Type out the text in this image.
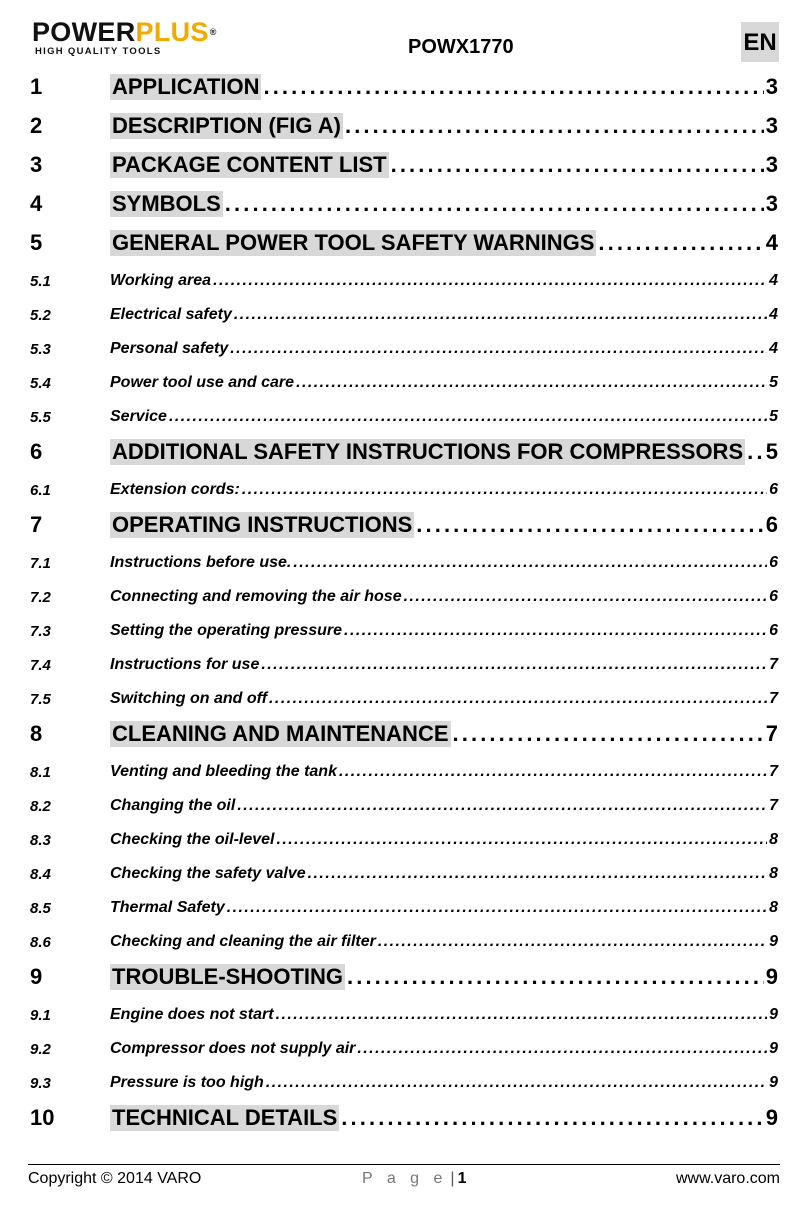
POWERPLUS®
HIGH QUALITY TOOLS	POWX1770	EN
1	APPLICATION . . .	3
2	DESCRIPTION (FIG A) . . .	3
3	PACKAGE CONTENT LIST . . .	3
4	SYMBOLS . . .	3
5	GENERAL POWER TOOL SAFETY WARNINGS . . .	4
5.1	Working area . . .	4
5.2	Electrical safety . . .	4
5.3	Personal safety . . .	4
5.4	Power tool use and care . . .	5
5.5	Service . . .	5
6	ADDITIONAL SAFETY INSTRUCTIONS FOR COMPRESSORS . . . 5
6.1	Extension cords: . . .	6
7	OPERATING INSTRUCTIONS . . .	6
7.1	Instructions before use. . . .	6
7.2	Connecting and removing the air hose . . .	6
7.3	Setting the operating pressure . . .	6
7.4	Instructions for use . . .	7
7.5	Switching on and off . . .	7
8	CLEANING AND MAINTENANCE . . .	7
8.1	Venting and bleeding the tank . . .	7
8.2	Changing the oil . . .	7
8.3	Checking the oil-level . . .	8
8.4	Checking the safety valve . . .	8
8.5	Thermal Safety . . .	8
8.6	Checking and cleaning the air filter . . .	9
9	TROUBLE-SHOOTING . . .	9
9.1	Engine does not start . . .	9
9.2	Compressor does not supply air . . .	9
9.3	Pressure is too high . . .	9
10	TECHNICAL DETAILS . . .	9
Copyright © 2014 VARO	P a g e | 1	www.varo.com
